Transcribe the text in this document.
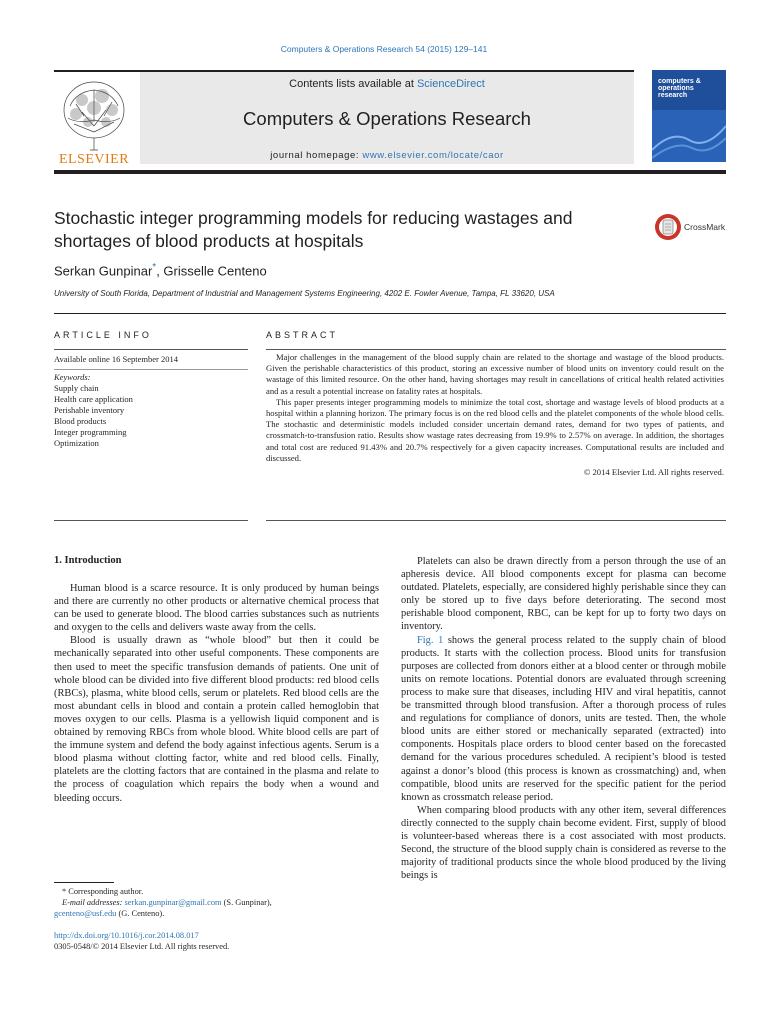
Computers & Operations Research 54 (2015) 129–141
ELSEVIER
Contents lists available at ScienceDirect
Computers & Operations Research
journal homepage: www.elsevier.com/locate/caor
computers & operations research
Stochastic integer programming models for reducing wastages and shortages of blood products at hospitals
CrossMark
Serkan Gunpinar*, Grisselle Centeno
University of South Florida, Department of Industrial and Management Systems Engineering, 4202 E. Fowler Avenue, Tampa, FL 33620, USA
ARTICLE INFO	ABSTRACT
Available online 16 September 2014
Keywords:
Supply chain
Health care application
Perishable inventory
Blood products
Integer programming
Optimization

Major challenges in the management of the blood supply chain are related to the shortage and wastage of the blood products. Given the perishable characteristics of this product, storing an excessive number of blood units on inventory could result on the wastage of this limited resource. On the other hand, having shortages may result in cancellations of critical health related activities and as a result a potential increase on fatality rates at hospitals.

This paper presents integer programming models to minimize the total cost, shortage and wastage levels of blood products at a hospital within a planning horizon. The primary focus is on the red blood cells and the platelet components of the whole blood cells. The stochastic and deterministic models included consider uncertain demand rates, demand for two types of patients, and crossmatch-to-transfusion ratio. Results show wastage rates decreasing from 19.9% to 2.57% on average. In addition, the shortages and total cost are reduced 91.43% and 20.7% respectively for a given capacity increases. Computational results are included and discussed.

© 2014 Elsevier Ltd. All rights reserved.

1. Introduction

Human blood is a scarce resource. It is only produced by human beings and there are currently no other products or alternative chemical process that can be used to generate blood. The blood carries substances such as nutrients and oxygen to the cells and delivers waste away from the cells.

Blood is usually drawn as “whole blood” but then it could be mechanically separated into other useful components. These components are then used to meet the specific transfusion demands of patients. One unit of whole blood can be divided into five different blood products: red blood cells (RBCs), plasma, white blood cells, serum or platelets. Red blood cells are the most abundant cells in blood and contain a protein called hemoglobin that moves oxygen to our cells. Plasma is a yellowish liquid component and is obtained by removing RBCs from whole blood. White blood cells are part of the immune system and defend the body against infectious agents. Serum is a blood plasma without clotting factor, white and red blood cells. Finally, platelets are the clotting factors that are contained in the plasma and relate to the process of coagulation which repairs the body when a wound and bleeding occurs.

Platelets can also be drawn directly from a person through the use of an apheresis device. All blood components except for plasma can become outdated. Platelets, especially, are considered highly perishable since they can only be stored up to five days before deteriorating. The second most perishable blood component, RBC, can be kept for up to forty two days on inventory.

Fig. 1 shows the general process related to the supply chain of blood products. It starts with the collection process. Blood units for transfusion purposes are collected from donors either at a blood center or through mobile units on remote locations. Potential donors are evaluated through screening process to make sure that diseases, including HIV and viral hepatitis, cannot be transmitted through blood transfusion. After a thorough process of rules and regulations for compliance of donors, units are tested. Then, the whole blood units are either stored or mechanically separated (extracted) into components. Hospitals place orders to blood center based on the forecasted demand for the various procedures scheduled. A recipient’s blood is tested against a donor’s blood (this process is known as crossmatching) and, when compatible, blood units are reserved for the specific patient for the period known as crossmatch release period.

When comparing blood products with any other item, several differences directly connected to the supply chain become evident. First, supply of blood is volunteer-based whereas there is a cost associated with most products. Second, the structure of the blood supply chain is considered as reverse to the majority of traditional products since the whole blood produced by the living beings is

* Corresponding author.
E-mail addresses: serkan.gunpinar@gmail.com (S. Gunpinar),
gcenteno@usf.edu (G. Centeno).
http://dx.doi.org/10.1016/j.cor.2014.08.017
0305-0548/© 2014 Elsevier Ltd. All rights reserved.
